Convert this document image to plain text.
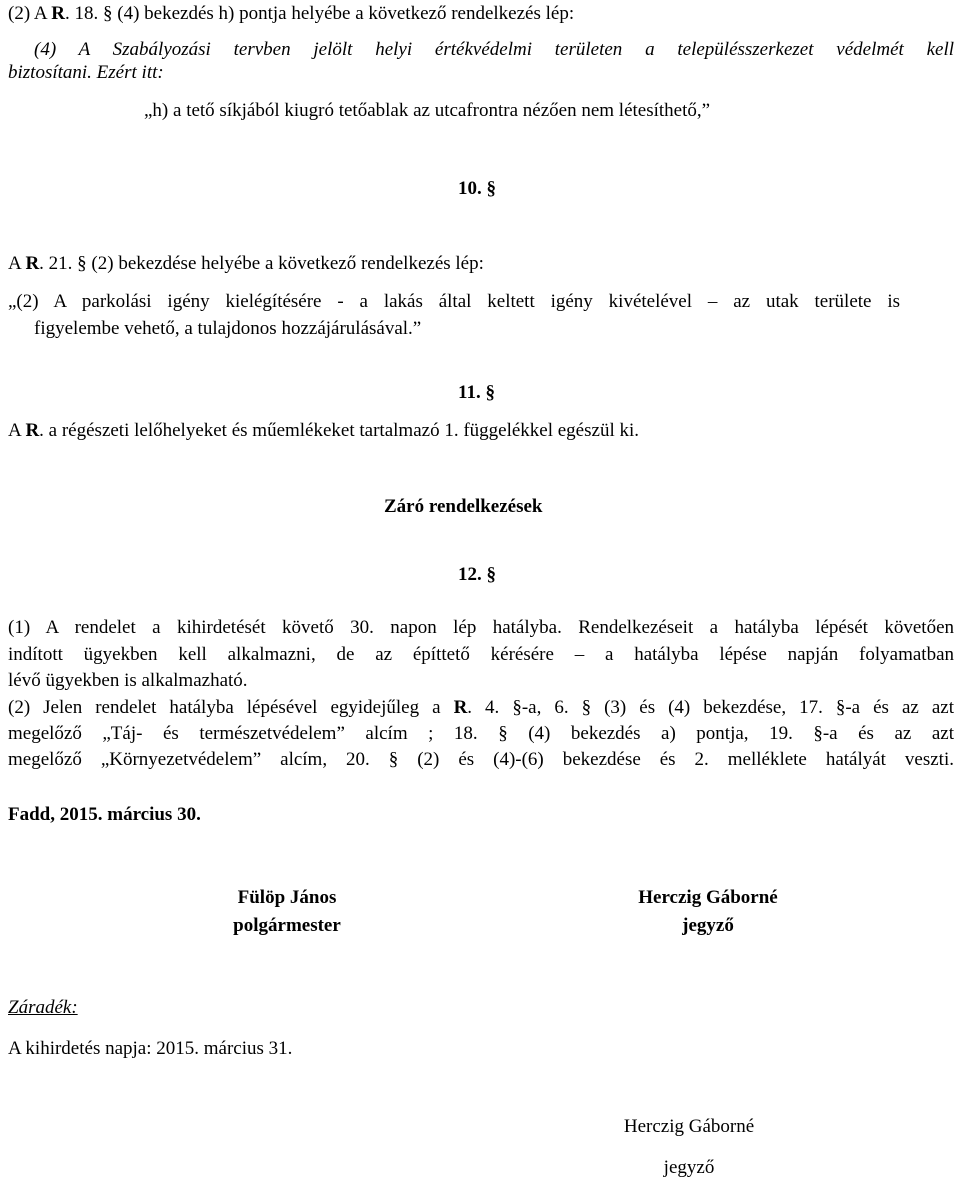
(2) A R. 18. § (4) bekezdés h) pontja helyébe a következő rendelkezés lép:
(4) A Szabályozási tervben jelölt helyi értékvédelmi területen a településszerkezet védelmét kell
biztosítani. Ezért itt:
„h) a tető síkjából kiugró tetőablak az utcafrontra nézően nem létesíthető,”
10. §
A R. 21. § (2) bekezdése helyébe a következő rendelkezés lép:
„(2) A parkolási igény kielégítésére - a lakás által keltett igény kivételével – az utak területe is
figyelembe vehető, a tulajdonos hozzájárulásával.”
11. §
A R. a régészeti lelőhelyeket és műemlékeket tartalmazó 1. függelékkel egészül ki.
Záró rendelkezések
12. §
(1) A rendelet a kihirdetését követő 30. napon lép hatályba. Rendelkezéseit a hatályba lépését követően
indított ügyekben kell alkalmazni, de az építtető kérésére – a hatályba lépése napján folyamatban
lévő ügyekben is alkalmazható.
(2) Jelen rendelet hatályba lépésével egyidejűleg a R. 4. §-a, 6. § (3) és (4) bekezdése, 17. §-a és az azt
megelőző „Táj- és természetvédelem” alcím ; 18. § (4) bekezdés a) pontja, 19. §-a és az azt
megelőző „Környezetvédelem” alcím, 20. § (2) és (4)-(6) bekezdése és 2. melléklete hatályát veszti.
Fadd, 2015. március 30.
Fülöp János
polgármester
Herczig Gáborné
jegyző
Záradék:
A kihirdetés napja: 2015. március 31.
Herczig Gáborné
jegyző
